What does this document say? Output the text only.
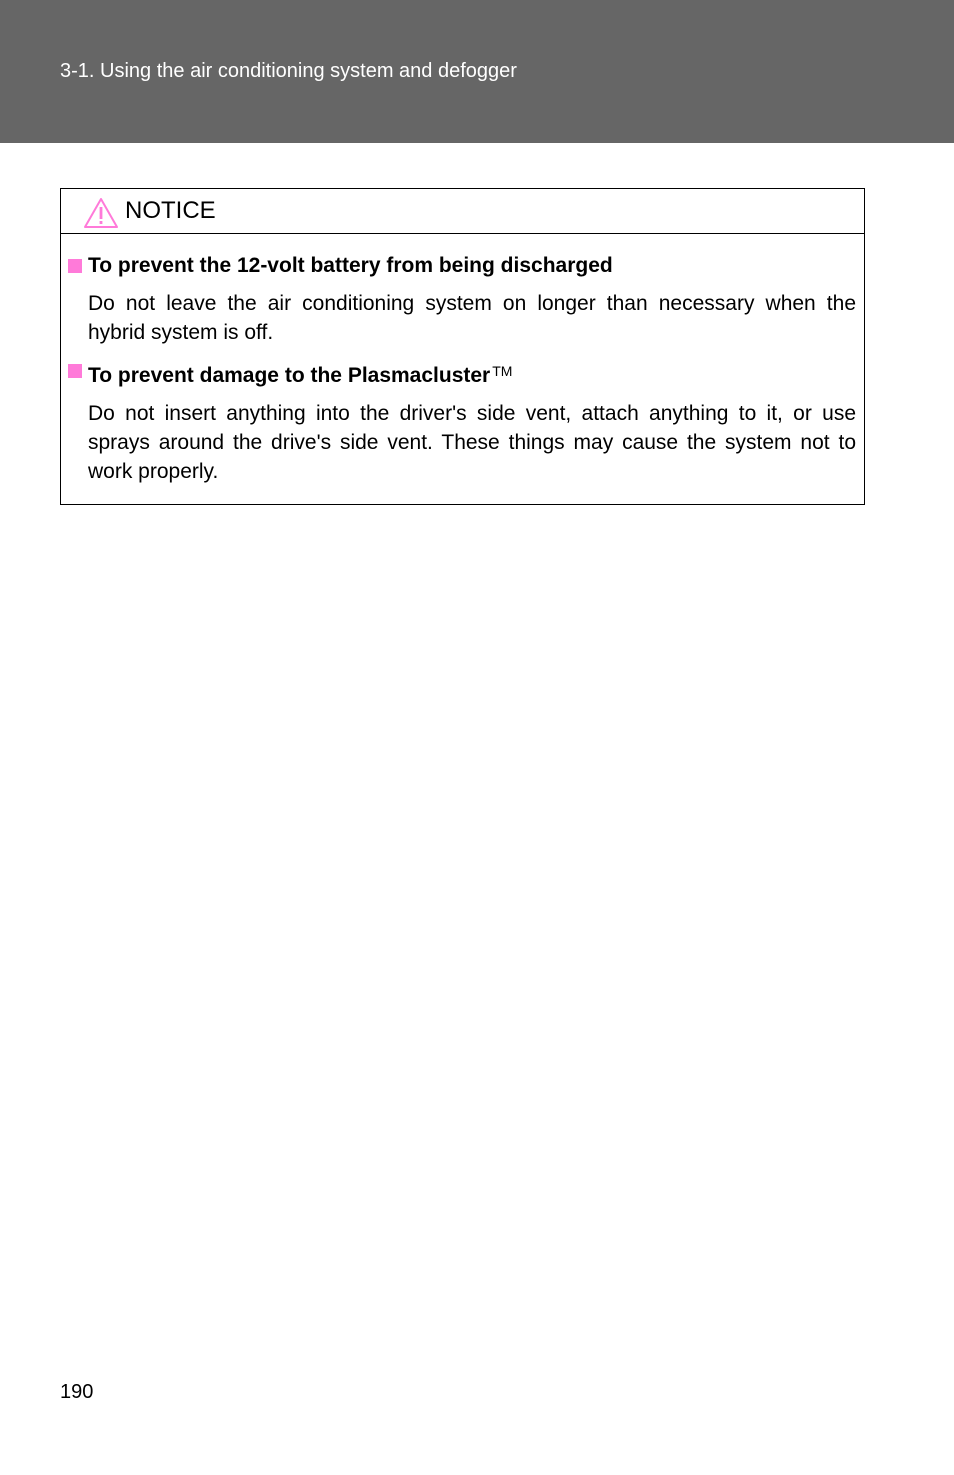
3-1. Using the air conditioning system and defogger
NOTICE
To prevent the 12-volt battery from being discharged

Do not leave the air conditioning system on longer than necessary when the hybrid system is off.

To prevent damage to the Plasmacluster ™

Do not insert anything into the driver's side vent, attach anything to it, or use sprays around the drive's side vent. These things may cause the system not to work properly.

190
